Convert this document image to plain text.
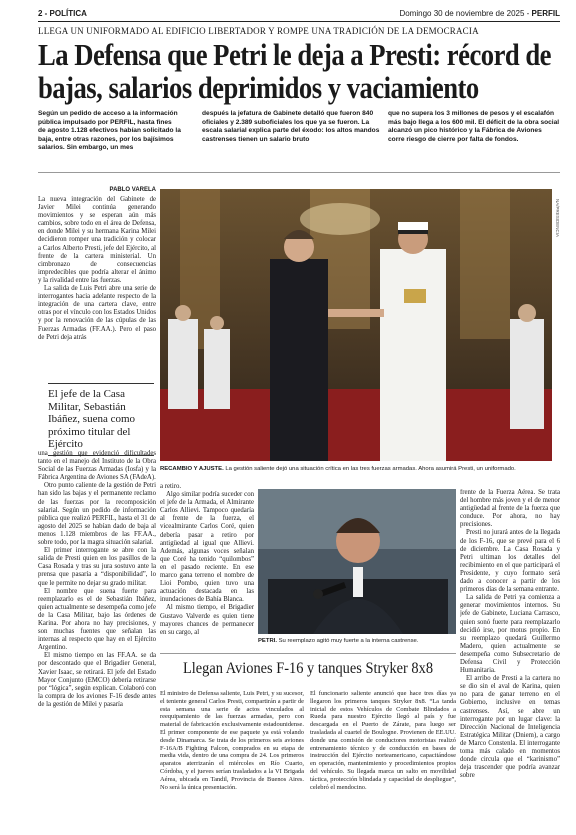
2 - POLÍTICA	Domingo 30 de noviembre de 2025 - PERFIL
LLEGA UN UNIFORMADO AL EDIFICIO LIBERTADOR Y ROMPE UNA TRADICIÓN DE LA DEMOCRACIA
La Defensa que Petri le deja a Presti: récord de bajas, salarios deprimidos y vaciamiento
Según un pedido de acceso a la información pública impulsado por PERFIL, hasta fines de agosto 1.128 efectivos habían solicitado la baja, entre otras razones, por los bajísimos salarios. Sin embargo, un mes
después la jefatura de Gabinete detalló que fueron 840 oficiales y 2.389 suboficiales los que ya se fueron. La escala salarial explica parte del éxodo: los altos mandos castrenses tienen un salario bruto
que no supera los 3 millones de pesos y el escalafón más bajo llega a los 600 mil. El déficit de la obra social alcanzó un pico histórico y la Fábrica de Aviones corre riesgo de cierre por falta de fondos.
PABLO VARELA

La nueva integración del Gabinete de Javier Milei continúa generando movimientos y se esperan aún más cambios, sobre todo en el área de Defensa, en donde Milei y su hermana Karina Milei decidieron romper una tradición y colocar a Carlos Alberto Presti, jefe del Ejército, al frente de la cartera ministerial. Un cimbronazo de consecuencias impredecibles que podría alterar el ánimo y la rivalidad entre las fuerzas.

La salida de Luis Petri abre una serie de interrogantes hacia adelante respecto de la integración de una cartera clave, entre otras por el vínculo con los Estados Unidos y por la renovación de las cúpulas de las Fuerzas Armadas (FF.AA.). Pero el paso de Petri deja atrás

El jefe de la Casa Militar, Sebastián Ibáñez, suena como próximo titular del Ejército

una gestión que evidenció dificultades tanto en el manejo del Instituto de la Obra Social de las Fuerzas Armadas (Iosfa) y la Fábrica Argentina de Aviones SA (FAdeA).

Otro punto caliente de la gestión de Petri han sido las bajas y el permanente reclamo de las fuerzas por la recomposición salarial. Según un pedido de información pública que realizó PERFIL, hasta el 31 de agosto del 2025 se habían dado de baja al menos 1.128 miembros de las FF.AA., sobre todo, por la magra situación salarial.

El primer interrogante se abre con la salida de Presti quien en los pasillos de la Casa Rosada y tras su jura sostuvo ante la prensa que pasaría a “disponibilidad”, lo que le permite no dejar su grado militar.

El nombre que suena fuerte para reemplazarlo es el de Sebastián Ibáñez, quien actualmente se desempeña como jefe de la Casa Militar, bajo las órdenes de Karina. Por ahora no hay precisiones, y son muchas fuentes que señalan las internas al respecto que hay en el Ejército Argentino.

El mismo tiempo en las FF.AA. se da por descontado que el Brigadier General, Xavier Isaac, se retirará. El jefe del Estado Mayor Conjunto (EMCO) debería retirarse por “lógica”, según explican. Colaboró con la compra de los aviones F-16 desde antes de la gestión de Milei y pasaría

NA/PRESIDENCIA
RECAMBIO Y AJUSTE. La gestión saliente dejó una situación crítica en las tres fuerzas armadas. Ahora asumirá Presti, un uniformado.

a retiro.

Algo similar podría suceder con el jefe de la Armada, el Almirante Carlos Allievi. Tampoco quedaría al frente de la fuerza, el vicealmirante Carlos Coré, quien debería pasar a retiro por antigüedad al igual que Allievi. Además, algunas voces señalan que Coré ha tenido “quilombos” en el pasado reciente. En ese marco gana terreno el nombre de Lioi Pombo, quien tuvo una actuación destacada en las inundaciones de Bahía Blanca.

Al mismo tiempo, el Brigadier Gustavo Valverde es quien tiene mayores chances de permanecer en su cargo, al

PETRI. Su reemplazo agitó muy fuerte a la interna castrense.

frente de la Fuerza Aérea. Se trata del hombre más joven y el de menor antigüedad al frente de la fuerza que conduce. Por ahora, no hay precisiones.

Presti no jurará antes de la llegada de los F-16, que se prevé para el 6 de diciembre. La Casa Rosada y Petri ultiman los detalles del recibimiento en el que participará el Presidente, y cuyo formato será dado a conocer a partir de los primeros días de la semana entrante.

La salida de Petri ya comienza a generar movimientos internos. Su jefe de Gabinete, Luciana Carrasco, quien sonó fuerte para reemplazarlo decidió irse, por motus propio. En su reemplazo quedará Guillermo Madero, quien actualmente se desempeña como Subsecretario de Defensa Civil y Protección Humanitaria.

El arribo de Presti a la cartera no se dio sin el aval de Karina, quien no para de ganar terreno en el Gobierno, inclusive en temas castrenses. Así, se abre un interrogante por un lugar clave: la Dirección Nacional de Inteligencia Estratégica Militar (Dniem), a cargo de Marco Constenla. El interrogante toma más calado en momentos donde circula que el “karinismo” deja trascender que podría avanzar sobre

Llegan Aviones F-16 y tanques Stryker 8x8

El ministro de Defensa saliente, Luis Petri, y su sucesor, el teniente general Carlos Presti, compartirán a partir de esta semana una serie de actos vinculados al reequipamiento de las fuerzas armadas, pero con material de fabricación exclusivamente estadounidense. El primer componente de ese paquete ya está volando desde Dinamarca. Se trata de los primeros seis aviones F-16A/B Fighting Falcon, comprados en su etapa de media vida, dentro de una compra de 24. Los primeros aparatos aterrizarán el miércoles en Río Cuarto, Córdoba, y el jueves serían trasladados a la VI Brigada Aérea, ubicada en Tandil, Provincia de Buenos Aires. No será la única presentación.

El funcionario saliente anunció que hace tres días ya llegaron los primeros tanques Stryker 8x8. “La tanda inicial de estos Vehículos de Combate Blindados a Rueda para nuestro Ejército llegó al país y fue descargada en el Puerto de Zárate, para luego ser trasladada al cuartel de Boulogne. Provienen de EE.UU. donde una comisión de conductores motoristas realizó entrenamiento técnico y de conducción en bases de instrucción del Ejército norteamericano, capacitándose en operación, mantenimiento y procedimientos propios del vehículo. Su llegada marca un salto en movilidad táctica, protección blindada y capacidad de despliegue”, celebró el mendocino.
